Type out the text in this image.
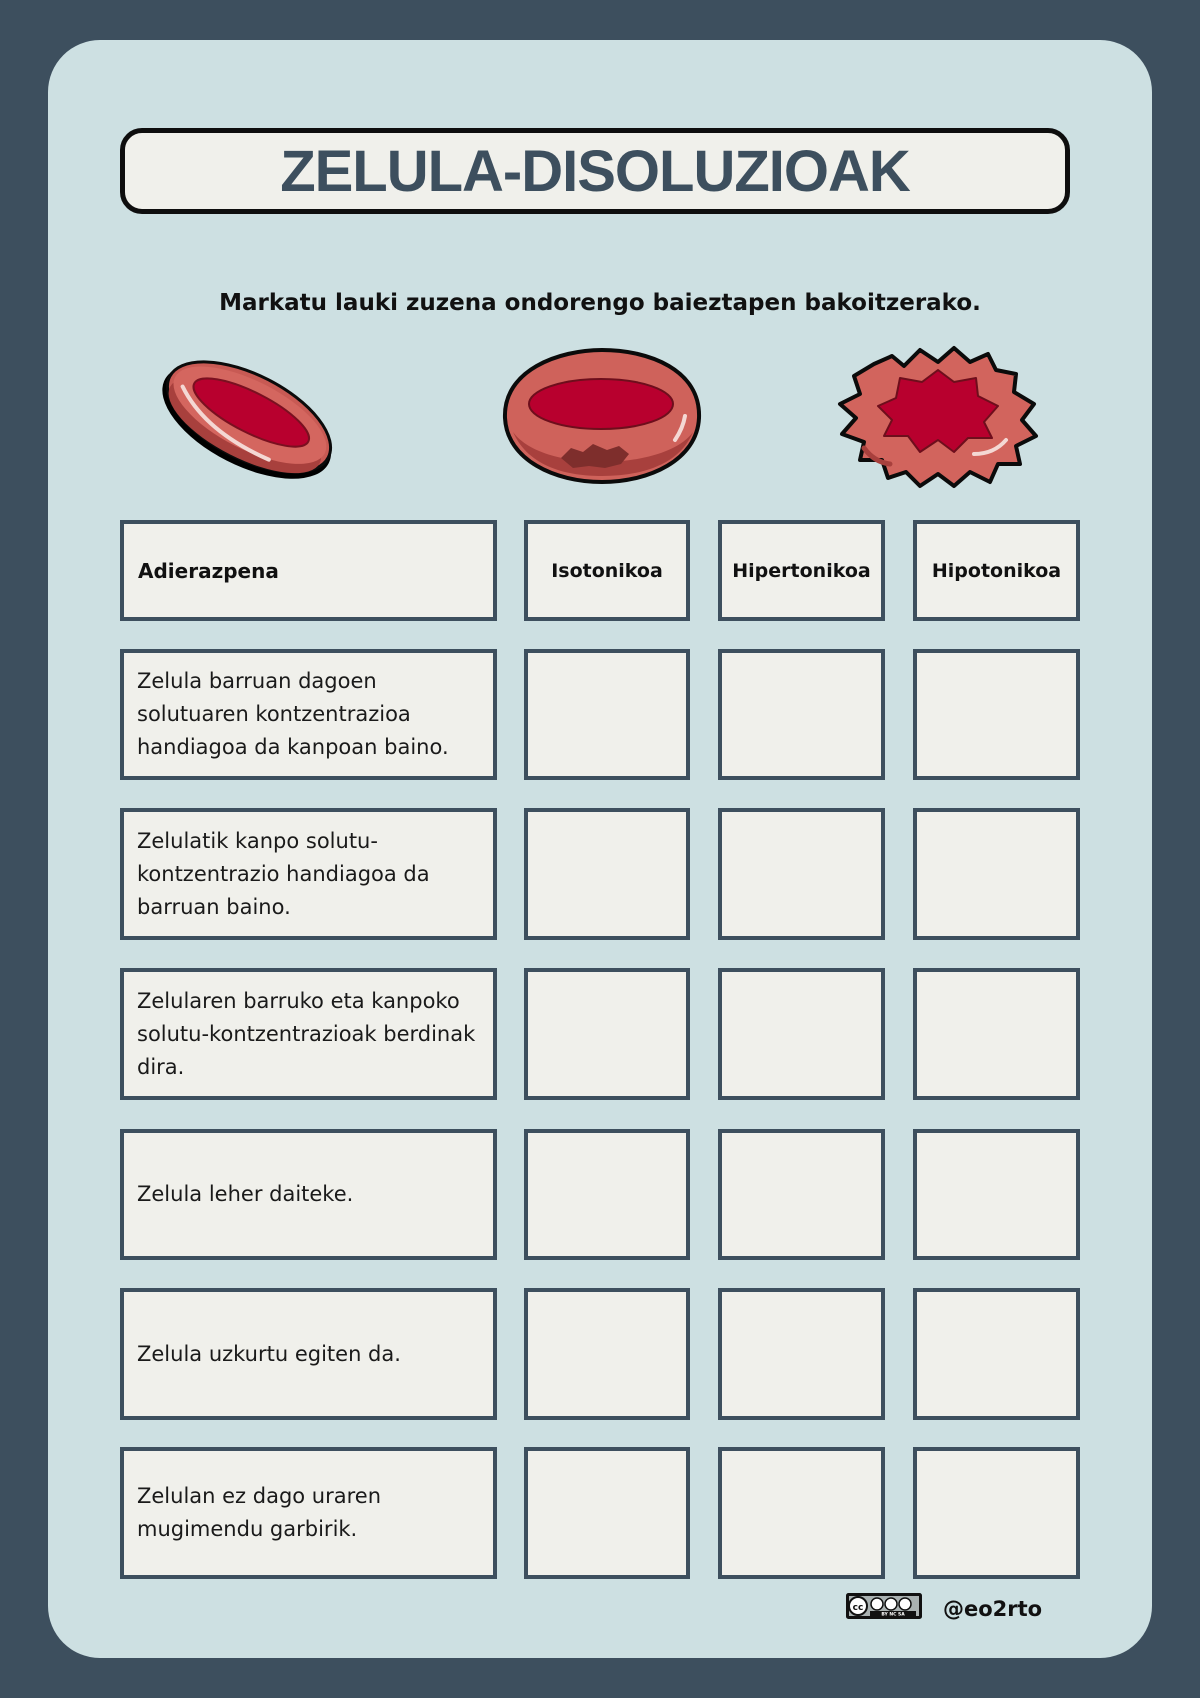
ZELULA-DISOLUZIOAK
Markatu lauki zuzena ondorengo baieztapen bakoitzerako.
Adierazpena	Isotonikoa	Hipertonikoa	Hipotonikoa
Zelula barruan dagoen solutuaren kontzentrazioa handiagoa da kanpoan baino.
Zelulatik kanpo solutu-kontzentrazio handiagoa da barruan baino.
Zelularen barruko eta kanpoko solutu-kontzentrazioak berdinak dira.
Zelula leher daiteke.
Zelula uzkurtu egiten da.
Zelulan ez dago uraren mugimendu garbirik.
cc
BY NC SA @eo2rto
